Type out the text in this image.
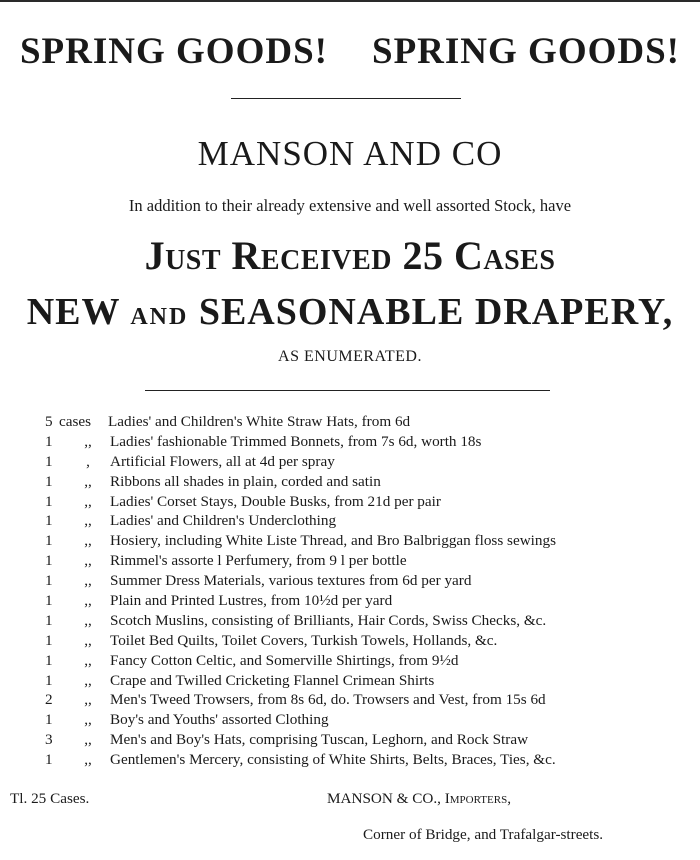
SPRING GOODS! SPRING GOODS!
MANSON AND CO
In addition to their already extensive and well assorted Stock, have
Just Received 25 Cases
NEW AND SEASONABLE DRAPERY,
AS ENUMERATED.
5 cases Ladies' and Children's White Straw Hats, from 6d
1	,,	Ladies' fashionable Trimmed Bonnets, from 7s 6d, worth 18s
1	,	Artificial Flowers, all at 4d per spray
1	,,	Ribbons all shades in plain, corded and satin
1	,,	Ladies' Corset Stays, Double Busks, from 21d per pair
1	,,	Ladies' and Children's Underclothing
1	,,	Hosiery, including White Liste Thread, and Bro Balbriggan floss sewings
1	,,	Rimmel's assorte l Perfumery, from 9 l per bottle
1	,,	Summer Dress Materials, various textures from 6d per yard
1	,,	Plain and Printed Lustres, from 10½d per yard
1	,,	Scotch Muslins, consisting of Brilliants, Hair Cords, Swiss Checks, &c.
1	,,	Toilet Bed Quilts, Toilet Covers, Turkish Towels, Hollands, &c.
1	,,	Fancy Cotton Celtic, and Somerville Shirtings, from 9½d
1	,,	Crape and Twilled Cricketing Flannel Crimean Shirts
2	,,	Men's Tweed Trowsers, from 8s 6d, do. Trowsers and Vest, from 15s 6d
1	,,	Boy's and Youths' assorted Clothing
3	,,	Men's and Boy's Hats, comprising Tuscan, Leghorn, and Rock Straw
1	,,	Gentlemen's Mercery, consisting of White Shirts, Belts, Braces, Ties, &c.
Tl. 25 Cases.	MANSON & CO., Importers,
Corner of Bridge, and Trafalgar-streets.
